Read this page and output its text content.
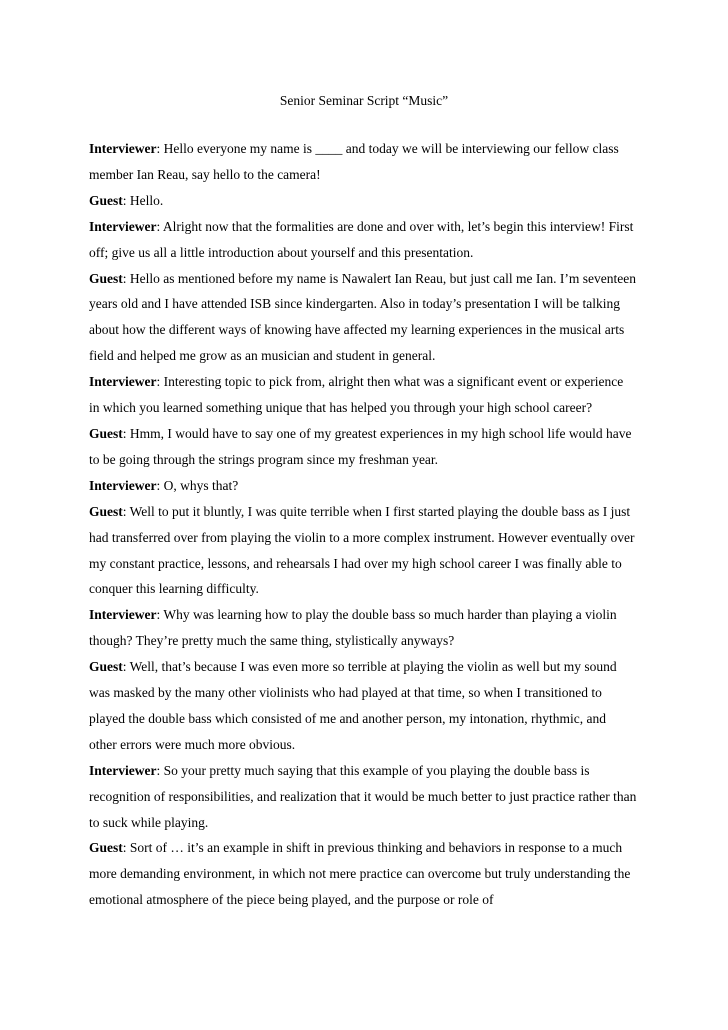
Senior Seminar Script “Music”

Interviewer: Hello everyone my name is ____ and today we will be interviewing our fellow class member Ian Reau, say hello to the camera!

Guest: Hello.

Interviewer: Alright now that the formalities are done and over with, let’s begin this interview! First off; give us all a little introduction about yourself and this presentation.

Guest: Hello as mentioned before my name is Nawalert Ian Reau, but just call me Ian. I’m seventeen years old and I have attended ISB since kindergarten. Also in today’s presentation I will be talking about how the different ways of knowing have affected my learning experiences in the musical arts field and helped me grow as an musician and student in general.

Interviewer: Interesting topic to pick from, alright then what was a significant event or experience in which you learned something unique that has helped you through your high school career?

Guest: Hmm, I would have to say one of my greatest experiences in my high school life would have to be going through the strings program since my freshman year.

Interviewer: O, whys that?

Guest: Well to put it bluntly, I was quite terrible when I first started playing the double bass as I just had transferred over from playing the violin to a more complex instrument. However eventually over my constant practice, lessons, and rehearsals I had over my high school career I was finally able to conquer this learning difficulty.

Interviewer: Why was learning how to play the double bass so much harder than playing a violin though? They’re pretty much the same thing, stylistically anyways?

Guest: Well, that’s because I was even more so terrible at playing the violin as well but my sound was masked by the many other violinists who had played at that time, so when I transitioned to played the double bass which consisted of me and another person, my intonation, rhythmic, and other errors were much more obvious.

Interviewer: So your pretty much saying that this example of you playing the double bass is recognition of responsibilities, and realization that it would be much better to just practice rather than to suck while playing.

Guest: Sort of … it’s an example in shift in previous thinking and behaviors in response to a much more demanding environment, in which not mere practice can overcome but truly understanding the emotional atmosphere of the piece being played, and the purpose or role of
